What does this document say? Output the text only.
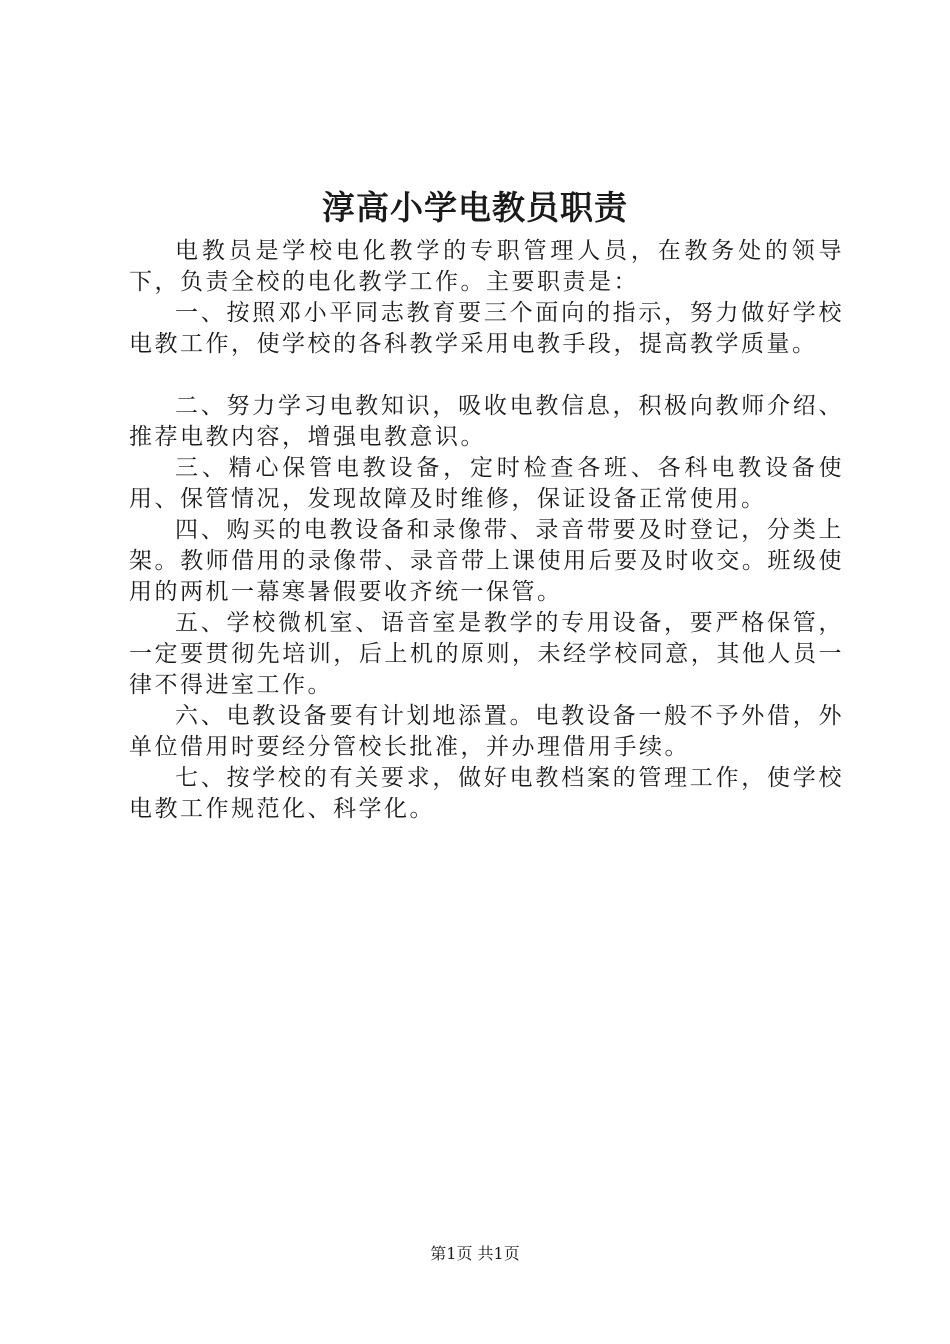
淳高小学电教员职责

电教员是学校电化教学的专职管理人员，在教务处的领导下，负责全校的电化教学工作。主要职责是：

一、按照邓小平同志教育要三个面向的指示，努力做好学校电教工作，使学校的各科教学采用电教手段，提高教学质量。

二、努力学习电教知识，吸收电教信息，积极向教师介绍、推荐电教内容，增强电教意识。

三、精心保管电教设备，定时检查各班、各科电教设备使用、保管情况，发现故障及时维修，保证设备正常使用。

四、购买的电教设备和录像带、录音带要及时登记，分类上架。教师借用的录像带、录音带上课使用后要及时收交。班级使用的两机一幕寒暑假要收齐统一保管。

五、学校微机室、语音室是教学的专用设备，要严格保管，一定要贯彻先培训，后上机的原则，未经学校同意，其他人员一律不得进室工作。

六、电教设备要有计划地添置。电教设备一般不予外借，外单位借用时要经分管校长批准，并办理借用手续。

七、按学校的有关要求，做好电教档案的管理工作，使学校电教工作规范化、科学化。

第1页 共1页
